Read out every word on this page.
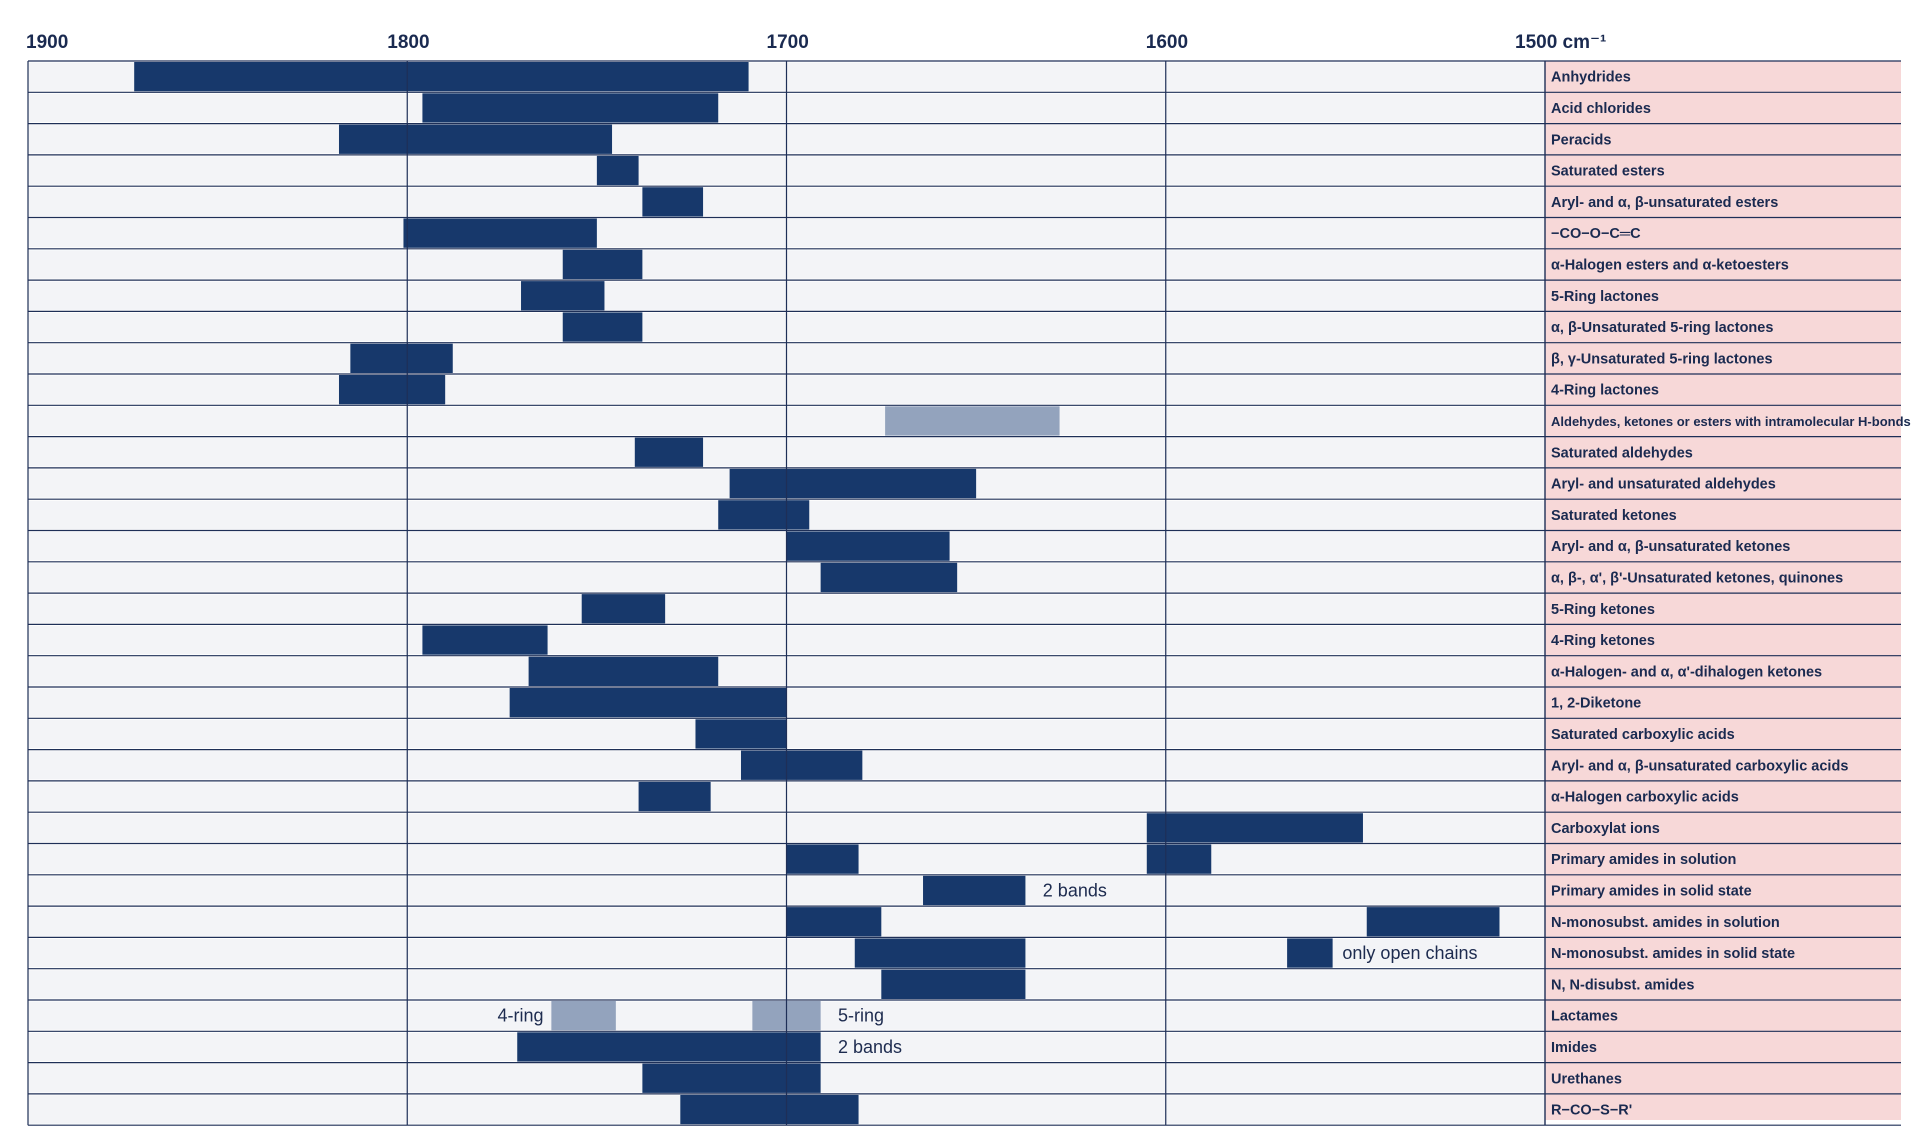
1900	1800	1700	1600	1500 cm⁻¹
Anhydrides
Acid chlorides
Peracids
Saturated esters
Aryl- and α, β-unsaturated esters
−CO−O−C═C
α-Halogen esters and α-ketoesters
5-Ring lactones
α, β-Unsaturated 5-ring lactones
β, γ-Unsaturated 5-ring lactones
4-Ring lactones
Aldehydes, ketones or esters with intramolecular H-bonds
Saturated aldehydes
Aryl- and unsaturated aldehydes
Saturated ketones
Aryl- and α, β-unsaturated ketones
α, β-, α', β'-Unsaturated ketones, quinones
5-Ring ketones
4-Ring ketones
α-Halogen- and α, α'-dihalogen ketones
1, 2-Diketone
Saturated carboxylic acids
Aryl- and α, β-unsaturated carboxylic acids
α-Halogen carboxylic acids
Carboxylat ions
Primary amides in solution
Primary amides in solid state
N-monosubst. amides in solution
N-monosubst. amides in solid state
N, N-disubst. amides
Lactames
Imides
Urethanes
R−CO−S−R'
2 bands
only open chains
4-ring	5-ring
2 bands
